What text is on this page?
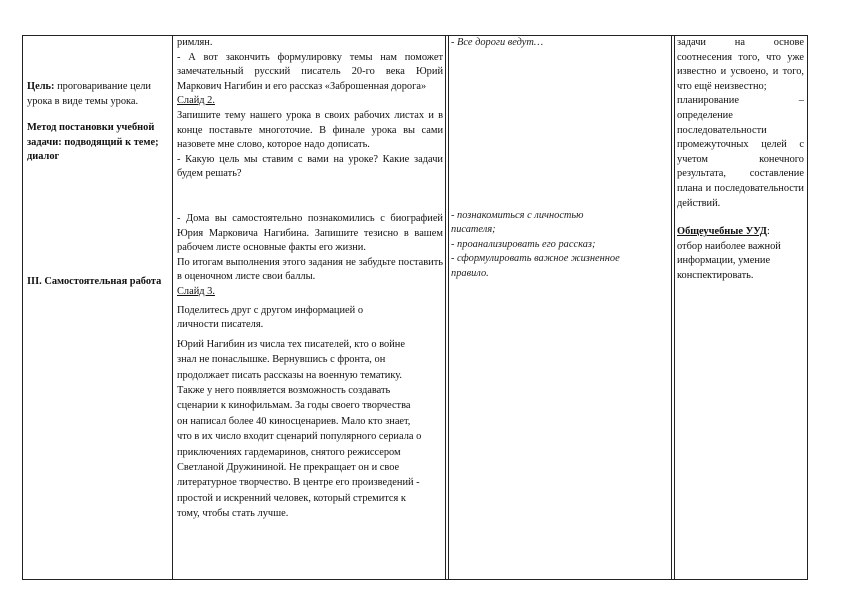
Цель: проговаривание цели урока в виде темы урока.

Метод постановки учебной задачи: подводящий к теме; диалог

III. Самостоятельная работа

римлян.

- А вот закончить формулировку темы нам поможет замечательный русский писатель 20-го века Юрий Маркович Нагибин и его рассказ «Заброшенная дорога»

Слайд 2.

Запишите тему нашего урока в своих рабочих листах и в конце поставьте многоточие. В финале урока вы сами назовете мне слово, которое надо дописать.

- Какую цель мы ставим с вами на уроке? Какие задачи будем решать?

- Дома вы самостоятельно познакомились с биографией Юрия Марковича Нагибина. Запишите тезисно в вашем рабочем листе основные факты его жизни.

По итогам выполнения этого задания не забудьте поставить в оценочном листе свои баллы.

Слайд 3.

Поделитесь друг с другом информацией о личности писателя.

Юрий Нагибин из числа тех писателей, кто о войне знал не понаслышке. Вернувшись с фронта, он продолжает писать рассказы на военную тематику. Также у него появляется возможность создавать сценарии к кинофильмам. За годы своего творчества он написал более 40 киносценариев. Мало кто знает, что в их число входит сценарий популярного сериала о приключениях гардемаринов, снятого режиссером Светланой Дружининой. Не прекращает он и свое литературное творчество. В центре его произведений - простой и искренний человек, который стремится к тому, чтобы стать лучше.

- Все дороги ведут…

- познакомиться с личностью писателя;

- проанализировать его рассказ;

- сформулировать важное жизненное правило.

задачи на основе соотнесения того, что уже известно и усвоено, и того, что ещё неизвестно;

планирование – определение последовательности промежуточных целей с учетом конечного результата, составление плана и последовательности действий.

Общеучебные УУД:
отбор наиболее важной информации, умение конспектировать.
